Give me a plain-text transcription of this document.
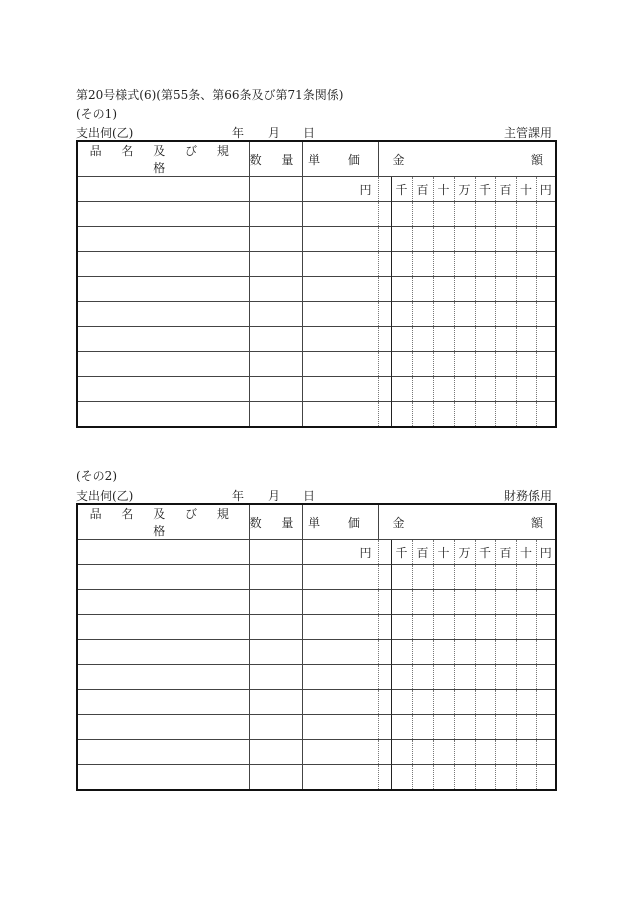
第20号様式(6)(第55条、第66条及び第71条関係)
(その1)
支出伺(乙)	年 月 日	主管課用
品 名 及 び 規 格	数 量	単 価	金 額								

		円		千	百	十	万	千	百	十	円

(その2)
支出伺(乙)	年 月 日	財務係用
品 名 及 び 規 格	数 量	単 価	金 額								

		円		千	百	十	万	千	百	十	円
